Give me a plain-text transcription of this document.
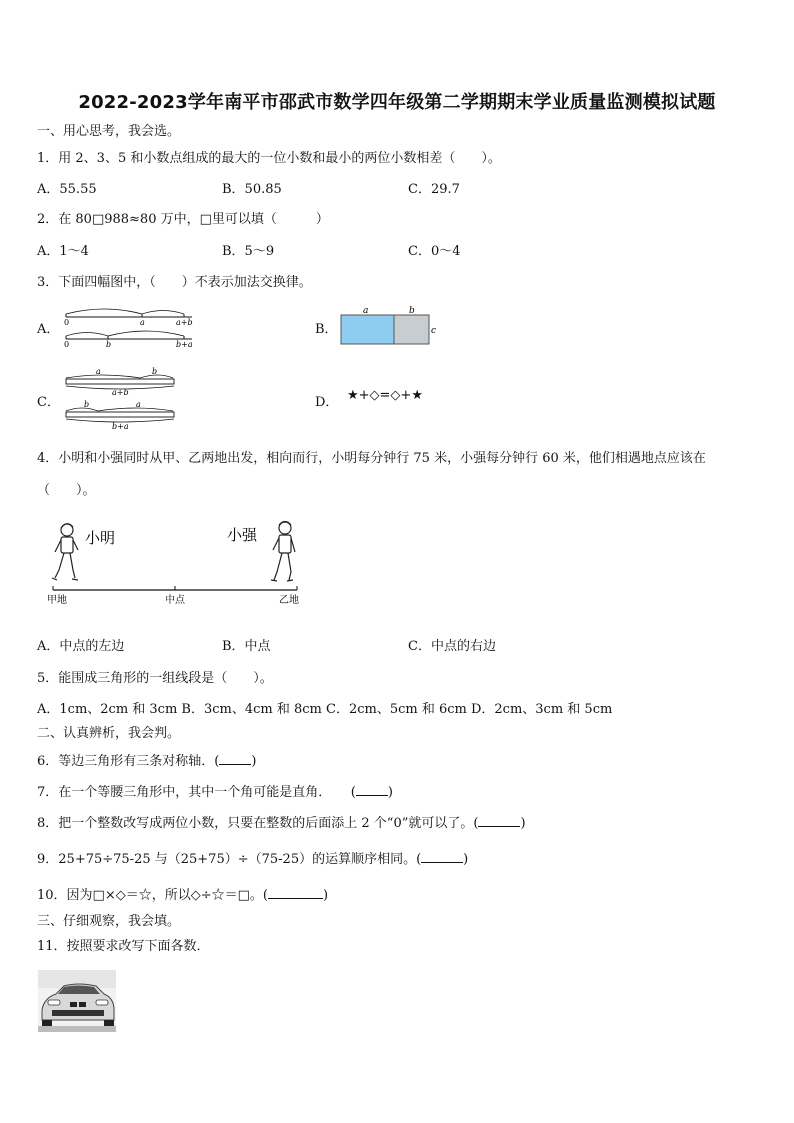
2022-2023学年南平市邵武市数学四年级第二学期期末学业质量监测模拟试题
一、用心思考，我会选。
1．用 2、3、5 和小数点组成的最大的一位小数和最小的两位小数相差（　　）。
A．55.55	B．50.85	C．29.7
2．在 80□988≈80 万中，□里可以填（　　　）
A．1～4	B．5～9	C．0～4
3．下面四幅图中，（　　）不表示加法交换律。
A． 0	a	a+b
0	b	b+a
B．
a	b
c
C．
a	b
a+b
b	a
b+a
D． ★+◇=◇+★
4．小明和小强同时从甲、乙两地出发，相向而行，小明每分钟行 75 米，小强每分钟行 60 米，他们相遇地点应该在
（　　）。
小明	小强
甲地	中点	乙地
A．中点的左边	B．中点	C．中点的右边
5．能围成三角形的一组线段是（　　）。
A．1cm、2cm 和 3cm B．3cm、4cm 和 8cm C．2cm、5cm 和 6cm D．2cm、3cm 和 5cm
二、认真辨析，我会判。
6．等边三角形有三条对称轴．( )
7．在一个等腰三角形中，其中一个角可能是直角．　　( )
8．把一个整数改写成两位小数，只要在整数的后面添上 2 个“0”就可以了。(	)
9．25+75÷75-25 与（25+75）÷（75-25）的运算顺序相同。(	)
10．因为□×◇＝☆，所以◇÷☆＝□。(	)
三、仔细观察，我会填。
11．按照要求改写下面各数．
